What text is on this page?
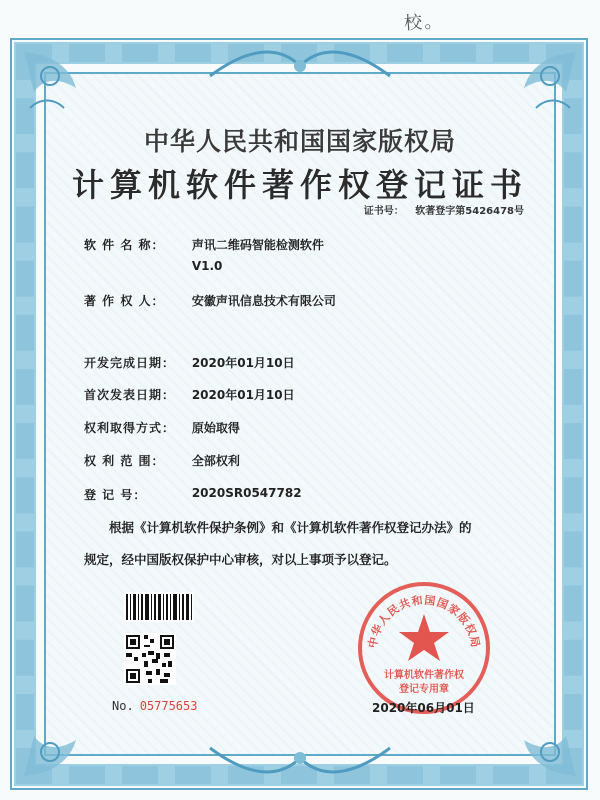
校。
中华人民共和国国家版权局
计算机软件著作权登记证书
证书号： 软著登字第5426478号
软 件 名 称： 声讯二维码智能检测软件
V1.0
著 作 权 人： 安徽声讯信息技术有限公司
开发完成日期： 2020年01月10日
首次发表日期： 2020年01月10日
权利取得方式： 原始取得
权 利 范 围： 全部权利
登 记 号：	2020SR0547782
根据《计算机软件保护条例》和《计算机软件著作权登记办法》的
规定，经中国版权保护中心审核，对以上事项予以登记。
No. 05775653
中华人民共和国国家版权局
计算机软件著作权
登记专用章
2020年06月01日
